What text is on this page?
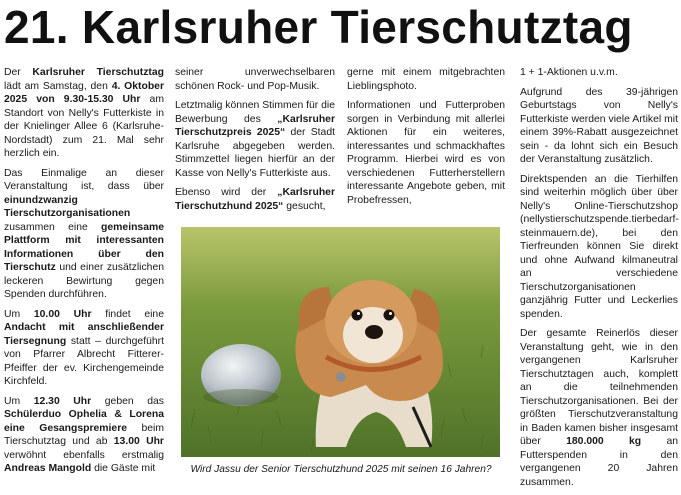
21. Karlsruher Tierschutztag

Der Karlsruher Tierschutztag lädt am Samstag, den 4. Oktober 2025 von 9.30-15.30 Uhr am Standort von Nelly's Futterkiste in der Knielinger Allee 6 (Karlsruhe-Nordstadt) zum 21. Mal sehr herzlich ein.

Das Einmalige an dieser Veranstaltung ist, dass über einundzwanzig Tierschutzorganisationen zusammen eine gemeinsame Plattform mit interessanten Informationen über den Tierschutz und einer zusätzlichen leckeren Bewirtung gegen Spenden durchführen.

Um 10.00 Uhr findet eine Andacht mit anschließender Tiersegnung statt – durchgeführt von Pfarrer Albrecht Fitterer-Pfeiffer der ev. Kirchengemeinde Kirchfeld.

Um 12.30 Uhr geben das Schülerduo Ophelia & Lorena eine Gesangspremiere beim Tierschutztag und ab 13.00 Uhr verwöhnt ebenfalls erstmalig Andreas Mangold die Gäste mit

seiner unverwechselbaren schönen Rock- und Pop-Musik.

Letztmalig können Stimmen für die Bewerbung des „Karlsruher Tierschutzpreis 2025“ der Stadt Karlsruhe abgegeben werden. Stimmzettel liegen hierfür an der Kasse von Nelly's Futterkiste aus.

Ebenso wird der „Karlsruher Tierschutzhund 2025“ gesucht,

gerne mit einem mitgebrachten Lieblingsphoto.

Informationen und Futterproben sorgen in Verbindung mit allerlei Aktionen für ein weiteres, interessantes und schmackhaftes Programm. Hierbei wird es von verschiedenen Futterherstellern interessante Angebote geben, mit Probefressen,

1 + 1-Aktionen u.v.m.

Aufgrund des 39-jährigen Geburtstags von Nelly's Futterkiste werden viele Artikel mit einem 39%-Rabatt ausgezeichnet sein - da lohnt sich ein Besuch der Veranstaltung zusätzlich.

Direktspenden an die Tierhilfen sind weiterhin möglich über über Nelly's Online-Tierschutzshop (nellystierschutzspende.tierbedarf-steinmauern.de), bei den Tierfreunden können Sie direkt und ohne Aufwand kilmaneutral an verschiedene Tierschutzorganisationen ganzjährig Futter und Leckerlies spenden.

Der gesamte Reinerlös dieser Veranstaltung geht, wie in den vergangenen Karlsruher Tierschutztagen auch, komplett an die teilnehmenden Tierschutzorganisationen. Bei der größten Tierschutzveranstaltung in Baden kamen bisher insgesamt über 180.000 kg an Futterspenden in den vergangenen 20 Jahren zusammen.

Wird Jassu der Senior Tierschutzhund 2025 mit seinen 16 Jahren?
